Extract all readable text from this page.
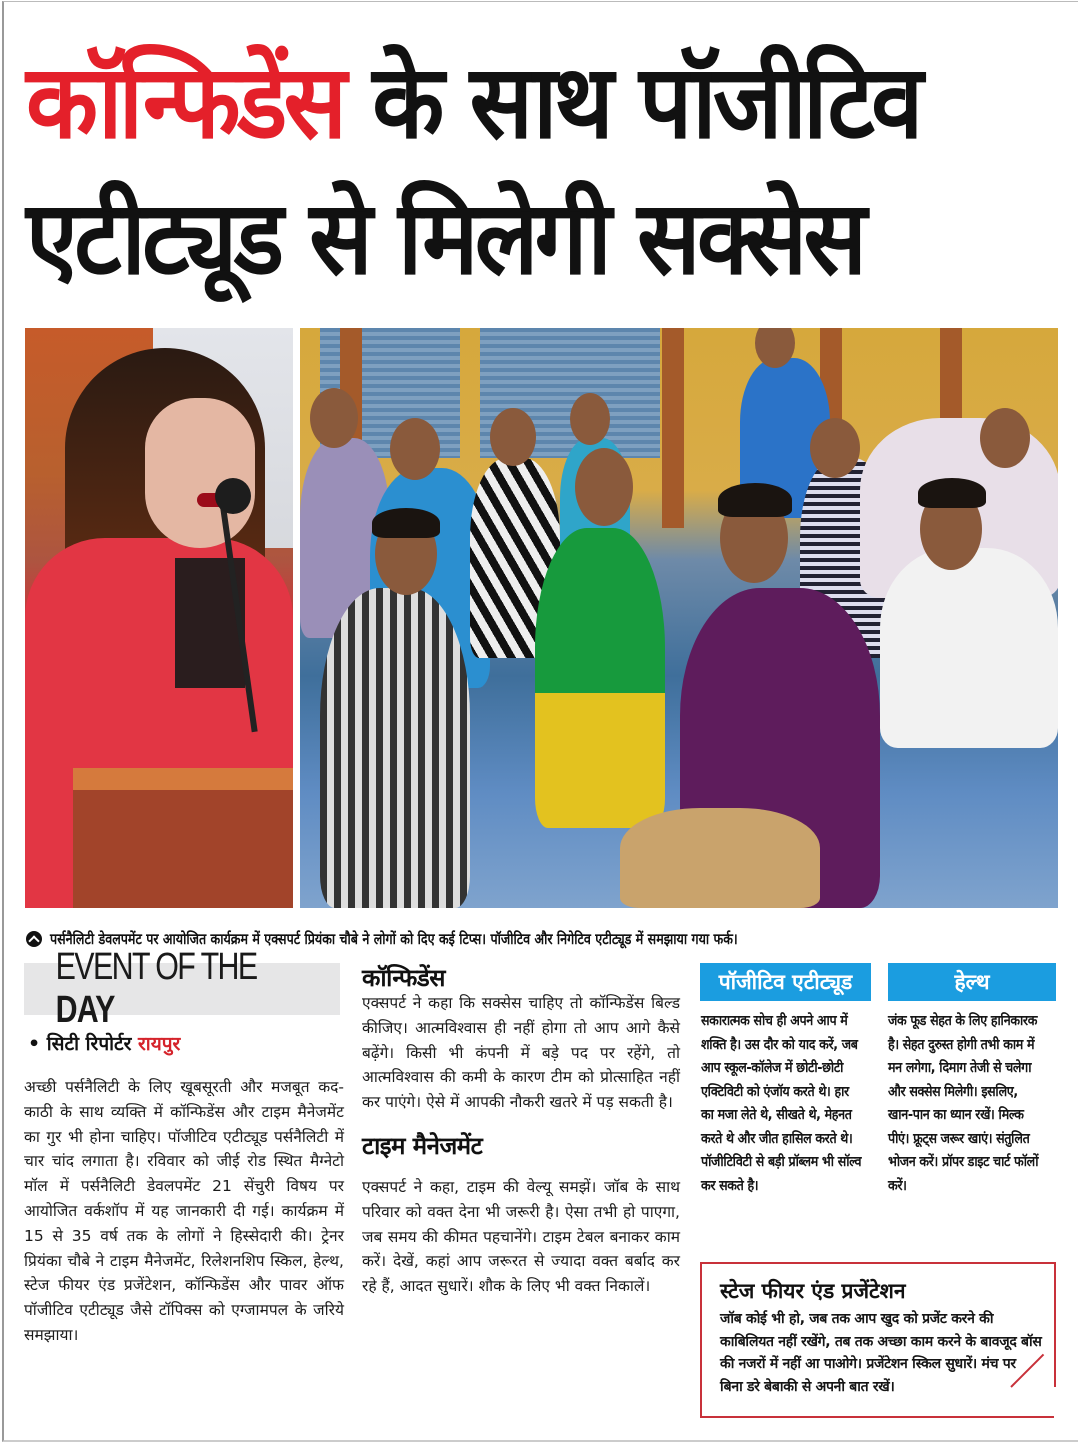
कॉन्फिडेंस के साथ पॉजीटिव
एटीट्यूड से मिलेगी सक्सेस
पर्सनैलिटी डेवलपमेंट पर आयोजित कार्यक्रम में एक्सपर्ट प्रियंका चौबे ने लोगों को दिए कई टिप्स। पॉजीटिव और निगेटिव एटीट्यूड में समझाया गया फर्क।
EVENT OF THE DAY
• सिटी रिपोर्टर रायपुर

अच्छी पर्सनैलिटी के लिए खूबसूरती और मजबूत कद-काठी के साथ व्यक्ति में कॉन्फिडेंस और टाइम मैनेजमेंट का गुर भी होना चाहिए। पॉजीटिव एटीट्यूड पर्सनैलिटी में चार चांद लगाता है। रविवार को जीई रोड स्थित मैग्नेटो मॉल में पर्सनैलिटी डेवलपमेंट 21 सेंचुरी विषय पर आयोजित वर्कशॉप में यह जानकारी दी गई। कार्यक्रम में 15 से 35 वर्ष तक के लोगों ने हिस्सेदारी की। ट्रेनर प्रियंका चौबे ने टाइम मैनेजमेंट, रिलेशनशिप स्किल, हेल्थ, स्टेज फीयर एंड प्रजेंटेशन, कॉन्फिडेंस और पावर ऑफ पॉजीटिव एटीट्यूड जैसे टॉपिक्स को एग्जामपल के जरिये समझाया।

कॉन्फिडेंस

एक्सपर्ट ने कहा कि सक्सेस चाहिए तो कॉन्फिडेंस बिल्ड कीजिए। आत्मविश्वास ही नहीं होगा तो आप आगे कैसे बढ़ेंगे। किसी भी कंपनी में बड़े पद पर रहेंगे, तो आत्मविश्वास की कमी के कारण टीम को प्रोत्साहित नहीं कर पाएंगे। ऐसे में आपकी नौकरी खतरे में पड़ सकती है।

टाइम मैनेजमेंट

एक्सपर्ट ने कहा, टाइम की वेल्यू समझें। जॉब के साथ परिवार को वक्त देना भी जरूरी है। ऐसा तभी हो पाएगा, जब समय की कीमत पहचानेंगे। टाइम टेबल बनाकर काम करें। देखें, कहां आप जरूरत से ज्यादा वक्त बर्बाद कर रहे हैं, आदत सुधारें। शौक के लिए भी वक्त निकालें।

पॉजीटिव एटीट्यूड
सकारात्मक सोच ही अपने आप में शक्ति है। उस दौर को याद करें, जब आप स्कूल-कॉलेज में छोटी-छोटी एक्टिविटी को एंजॉय करते थे। हार का मजा लेते थे, सीखते थे, मेहनत करते थे और जीत हासिल करते थे। पॉजीटिविटी से बड़ी प्रॉब्लम भी सॉल्व कर सकते है।
हेल्थ
जंक फूड सेहत के लिए हानिकारक है। सेहत दुरुस्त होगी तभी काम में मन लगेगा, दिमाग तेजी से चलेगा और सक्सेस मिलेगी। इसलिए, खान-पान का ध्यान रखें। मिल्क पीएं। फ्रूट्स जरूर खाएं। संतुलित भोजन करें। प्रॉपर डाइट चार्ट फॉलों करें।
स्टेज फीयर एंड प्रजेंटेशन
जॉब कोई भी हो, जब तक आप खुद को प्रजेंट करने की काबिलियत नहीं रखेंगे, तब तक अच्छा काम करने के बावजूद बॉस की नजरों में नहीं आ पाओगे। प्रजेंटेशन स्किल सुधारें। मंच पर बिना डरे बेबाकी से अपनी बात रखें।
